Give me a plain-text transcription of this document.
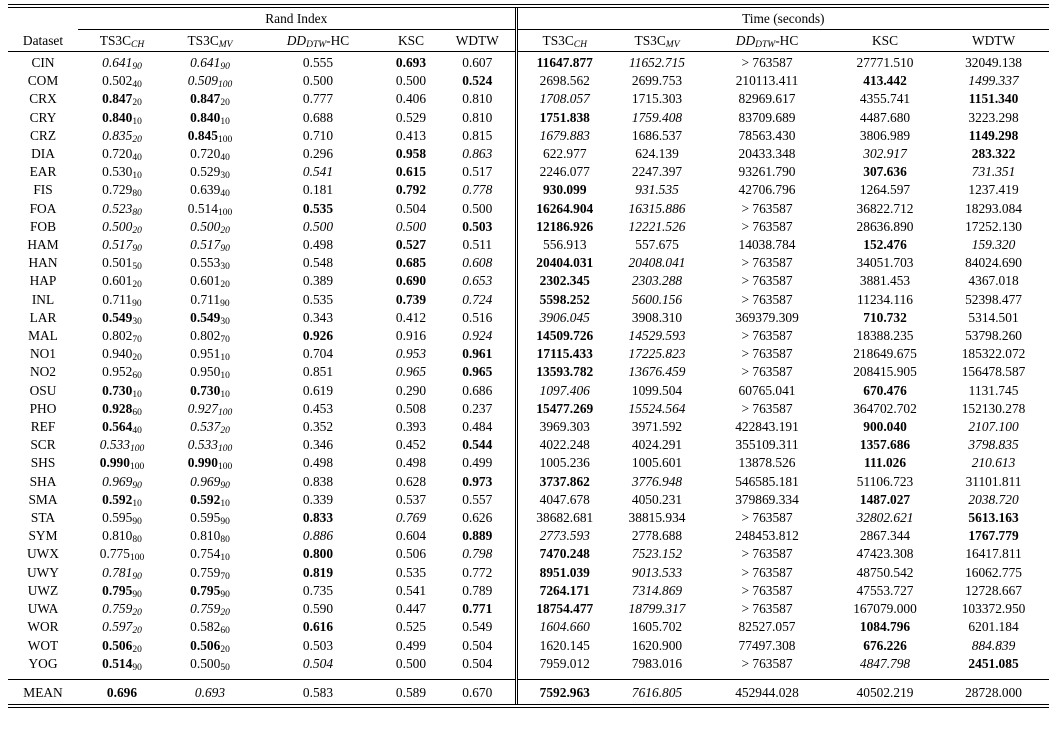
	Rand Index					Time (seconds)				
Dataset	$TS3C_{CH}$	$TS3C_{MV}$	$DD_{DTW}-HC$	KSC	WDTW	$TS3C_{CH}$	$TS3C_{MV}$	$DD_{DTW}-HC$	KSC	WDTW
CIN	$0.641_{90}$	$0.641_{90}$	0.555	0.693	0.607	11647.877	11652.715	> 763587	27771.510	32049.138
COM	$0.502_{40}$	$0.509_{100}$	0.500	0.500	0.524	2698.562	2699.753	210113.411	413.442	1499.337
CRX	$0.847_{20}$	$0.847_{20}$	0.777	0.406	0.810	1708.057	1715.303	82969.617	4355.741	1151.340
CRY	$0.840_{10}$	$0.840_{10}$	0.688	0.529	0.810	1751.838	1759.408	83709.689	4487.680	3223.298
CRZ	$0.835_{20}$	$0.845_{100}$	0.710	0.413	0.815	1679.883	1686.537	78563.430	3806.989	1149.298
DIA	$0.720_{40}$	$0.720_{40}$	0.296	0.958	0.863	622.977	624.139	20433.348	302.917	283.322
EAR	$0.530_{10}$	$0.529_{30}$	0.541	0.615	0.517	2246.077	2247.397	93261.790	307.636	731.351
FIS	$0.729_{80}$	$0.639_{40}$	0.181	0.792	0.778	930.099	931.535	42706.796	1264.597	1237.419
FOA	$0.523_{80}$	$0.514_{100}$	0.535	0.504	0.500	16264.904	16315.886	> 763587	36822.712	18293.084
FOB	$0.500_{20}$	$0.500_{20}$	0.500	0.500	0.503	12186.926	12221.526	> 763587	28636.890	17252.130
HAM	$0.517_{90}$	$0.517_{90}$	0.498	0.527	0.511	556.913	557.675	14038.784	152.476	159.320
HAN	$0.501_{50}$	$0.553_{30}$	0.548	0.685	0.608	20404.031	20408.041	> 763587	34051.703	84024.690
HAP	$0.601_{20}$	$0.601_{20}$	0.389	0.690	0.653	2302.345	2303.288	> 763587	3881.453	4367.018
INL	$0.711_{90}$	$0.711_{90}$	0.535	0.739	0.724	5598.252	5600.156	> 763587	11234.116	52398.477
LAR	$0.549_{30}$	$0.549_{30}$	0.343	0.412	0.516	3906.045	3908.310	369379.309	710.732	5314.501
MAL	$0.802_{70}$	$0.802_{70}$	0.926	0.916	0.924	14509.726	14529.593	> 763587	18388.235	53798.260
NO1	$0.940_{20}$	$0.951_{10}$	0.704	0.953	0.961	17115.433	17225.823	> 763587	218649.675	185322.072
NO2	$0.952_{60}$	$0.950_{10}$	0.851	0.965	0.965	13593.782	13676.459	> 763587	208415.905	156478.587
OSU	$0.730_{10}$	$0.730_{10}$	0.619	0.290	0.686	1097.406	1099.504	60765.041	670.476	1131.745
PHO	$0.928_{60}$	$0.927_{100}$	0.453	0.508	0.237	15477.269	15524.564	> 763587	364702.702	152130.278
REF	$0.564_{40}$	$0.537_{20}$	0.352	0.393	0.484	3969.303	3971.592	422843.191	900.040	2107.100
SCR	$0.533_{100}$	$0.533_{100}$	0.346	0.452	0.544	4022.248	4024.291	355109.311	1357.686	3798.835
SHS	$0.990_{100}$	$0.990_{100}$	0.498	0.498	0.499	1005.236	1005.601	13878.526	111.026	210.613
SHA	$0.969_{90}$	$0.969_{90}$	0.838	0.628	0.973	3737.862	3776.948	546585.181	51106.723	31101.811
SMA	$0.592_{10}$	$0.592_{10}$	0.339	0.537	0.557	4047.678	4050.231	379869.334	1487.027	2038.720
STA	$0.595_{90}$	$0.595_{90}$	0.833	0.769	0.626	38682.681	38815.934	> 763587	32802.621	5613.163
SYM	$0.810_{80}$	$0.810_{80}$	0.886	0.604	0.889	2773.593	2778.688	248453.812	2867.344	1767.779
UWX	$0.775_{100}$	$0.754_{10}$	0.800	0.506	0.798	7470.248	7523.152	> 763587	47423.308	16417.811
UWY	$0.781_{90}$	$0.759_{70}$	0.819	0.535	0.772	8951.039	9013.533	> 763587	48750.542	16062.775
UWZ	$0.795_{90}$	$0.795_{90}$	0.735	0.541	0.789	7264.171	7314.869	> 763587	47553.727	12728.667
UWA	$0.759_{20}$	$0.759_{20}$	0.590	0.447	0.771	18754.477	18799.317	> 763587	167079.000	103372.950
WOR	$0.597_{20}$	$0.582_{60}$	0.616	0.525	0.549	1604.660	1605.702	82527.057	1084.796	6201.184
WOT	$0.506_{20}$	$0.506_{20}$	0.503	0.499	0.504	1620.145	1620.900	77497.308	676.226	884.839
YOG	$0.514_{90}$	$0.500_{50}$	0.504	0.500	0.504	7959.012	7983.016	> 763587	4847.798	2451.085

MEAN	0.696	0.693	0.583	0.589	0.670	7592.963	7616.805	452944.028	40502.219	28728.000
